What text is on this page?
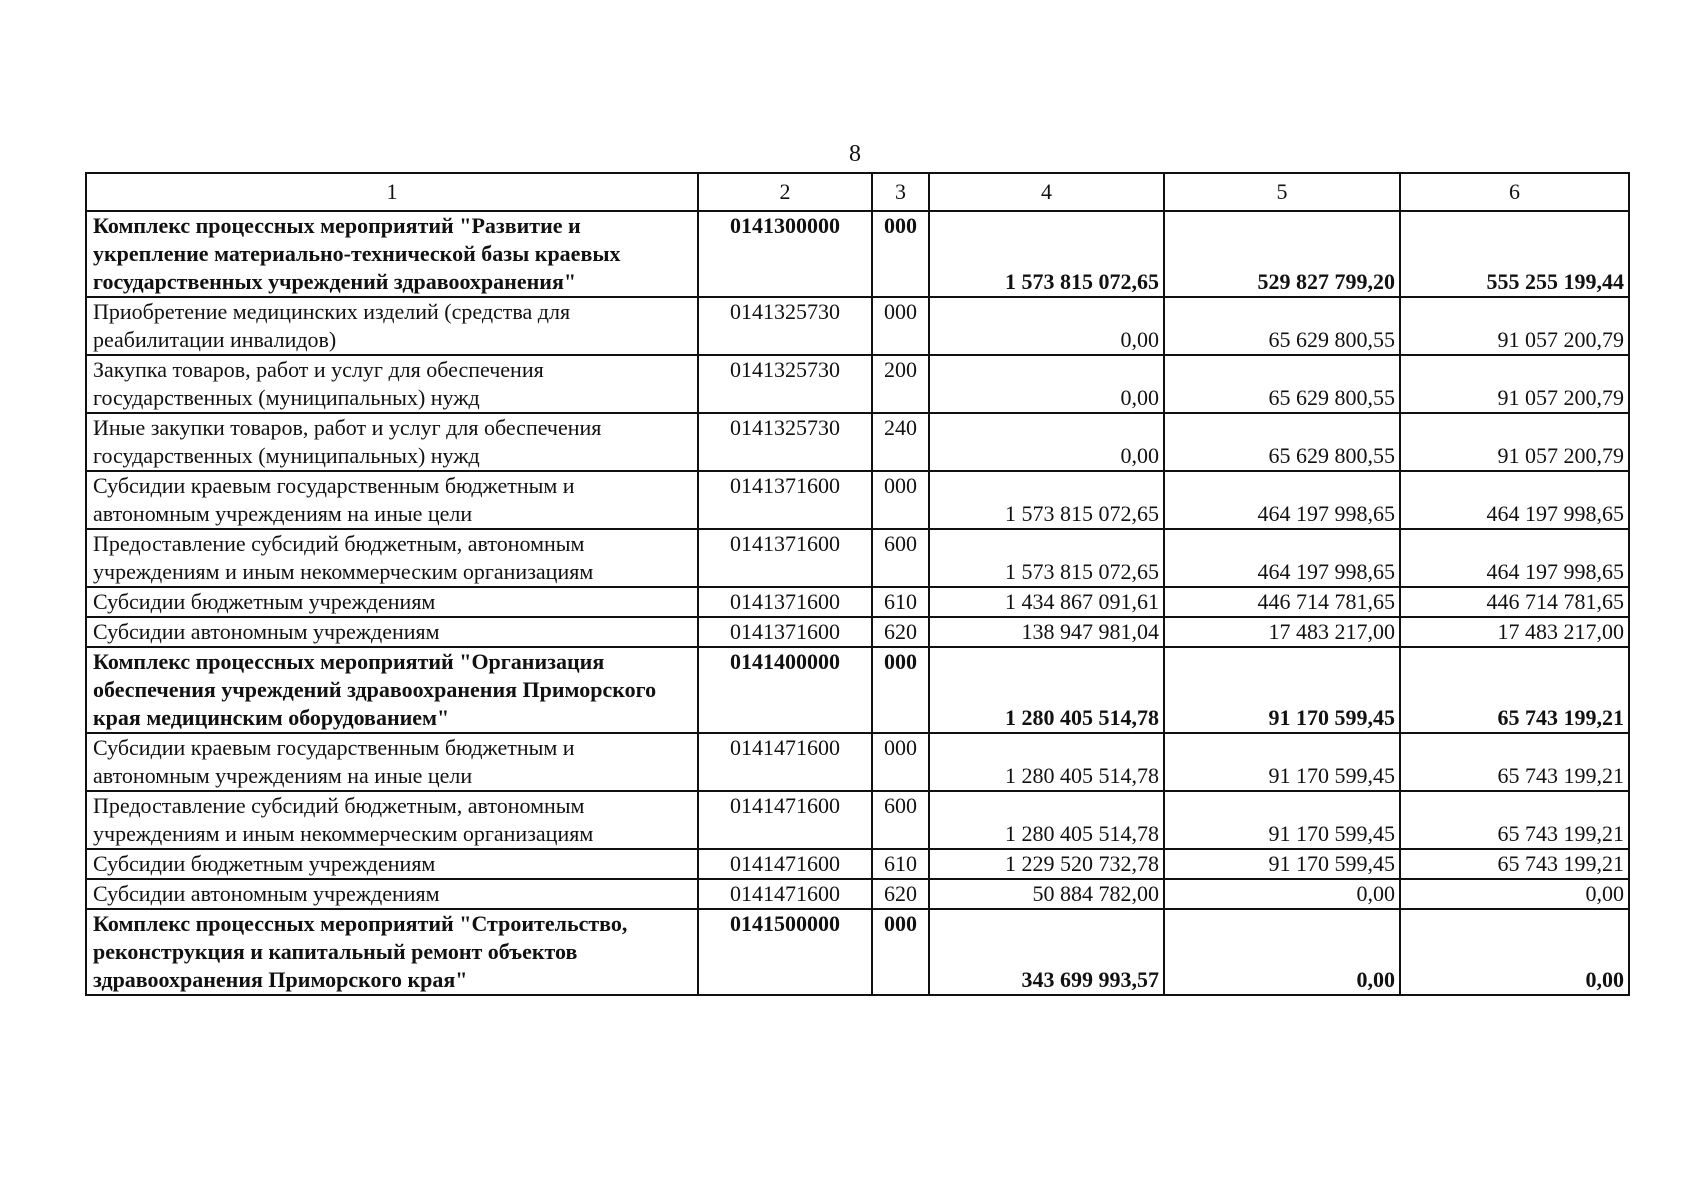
8
1	2	3	4	5	6
Комплекс процессных мероприятий "Развитие и укрепление материально-технической базы краевых государственных учреждений здравоохранения"	0141300000	000	1 573 815 072,65	529 827 799,20	555 255 199,44
Приобретение медицинских изделий (средства для реабилитации инвалидов)	0141325730	000	0,00	65 629 800,55	91 057 200,79
Закупка товаров, работ и услуг для обеспечения государственных (муниципальных) нужд	0141325730	200	0,00	65 629 800,55	91 057 200,79
Иные закупки товаров, работ и услуг для обеспечения государственных (муниципальных) нужд	0141325730	240	0,00	65 629 800,55	91 057 200,79
Субсидии краевым государственным бюджетным и автономным учреждениям на иные цели	0141371600	000	1 573 815 072,65	464 197 998,65	464 197 998,65
Предоставление субсидий бюджетным, автономным учреждениям и иным некоммерческим организациям	0141371600	600	1 573 815 072,65	464 197 998,65	464 197 998,65
Субсидии бюджетным учреждениям	0141371600	610	1 434 867 091,61	446 714 781,65	446 714 781,65
Субсидии автономным учреждениям	0141371600	620	138 947 981,04	17 483 217,00	17 483 217,00
Комплекс процессных мероприятий "Организация обеспечения учреждений здравоохранения Приморского края медицинским оборудованием"	0141400000	000	1 280 405 514,78	91 170 599,45	65 743 199,21
Субсидии краевым государственным бюджетным и автономным учреждениям на иные цели	0141471600	000	1 280 405 514,78	91 170 599,45	65 743 199,21
Предоставление субсидий бюджетным, автономным учреждениям и иным некоммерческим организациям	0141471600	600	1 280 405 514,78	91 170 599,45	65 743 199,21
Субсидии бюджетным учреждениям	0141471600	610	1 229 520 732,78	91 170 599,45	65 743 199,21
Субсидии автономным учреждениям	0141471600	620	50 884 782,00	0,00	0,00
Комплекс процессных мероприятий "Строительство, реконструкция и капитальный ремонт объектов здравоохранения Приморского края"	0141500000	000	343 699 993,57	0,00	0,00
